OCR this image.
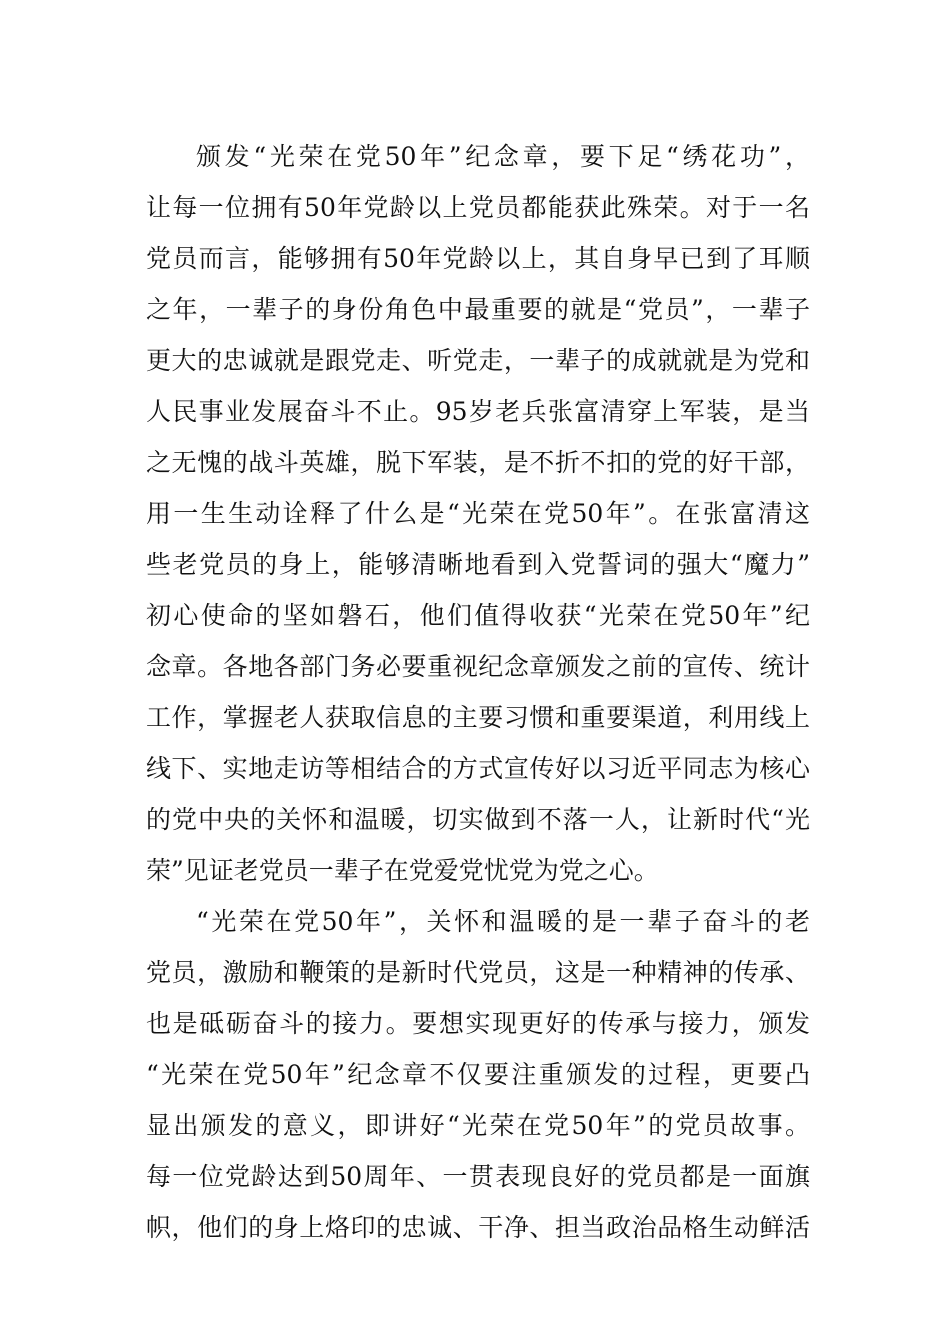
颁发“光荣在党50年”纪念章，要下足“绣花功”，
让每一位拥有50年党龄以上党员都能获此殊荣。对于一名
党员而言，能够拥有50年党龄以上，其自身早已到了耳顺
之年，一辈子的身份角色中最重要的就是“党员”，一辈子
更大的忠诚就是跟党走、听党走，一辈子的成就就是为党和
人民事业发展奋斗不止。95岁老兵张富清穿上军装，是当
之无愧的战斗英雄，脱下军装，是不折不扣的党的好干部，
用一生生动诠释了什么是“光荣在党50年”。在张富清这
些老党员的身上，能够清晰地看到入党誓词的强大“魔力”
初心使命的坚如磐石，他们值得收获“光荣在党50年”纪
念章。各地各部门务必要重视纪念章颁发之前的宣传、统计
工作，掌握老人获取信息的主要习惯和重要渠道，利用线上
线下、实地走访等相结合的方式宣传好以习近平同志为核心
的党中央的关怀和温暖，切实做到不落一人，让新时代“光
荣”见证老党员一辈子在党爱党忧党为党之心。
“光荣在党50年”，关怀和温暖的是一辈子奋斗的老
党员，激励和鞭策的是新时代党员，这是一种精神的传承、
也是砥砺奋斗的接力。要想实现更好的传承与接力，颁发
“光荣在党50年”纪念章不仅要注重颁发的过程，更要凸
显出颁发的意义，即讲好“光荣在党50年”的党员故事。
每一位党龄达到50周年、一贯表现良好的党员都是一面旗
帜，他们的身上烙印的忠诚、干净、担当政治品格生动鲜活
